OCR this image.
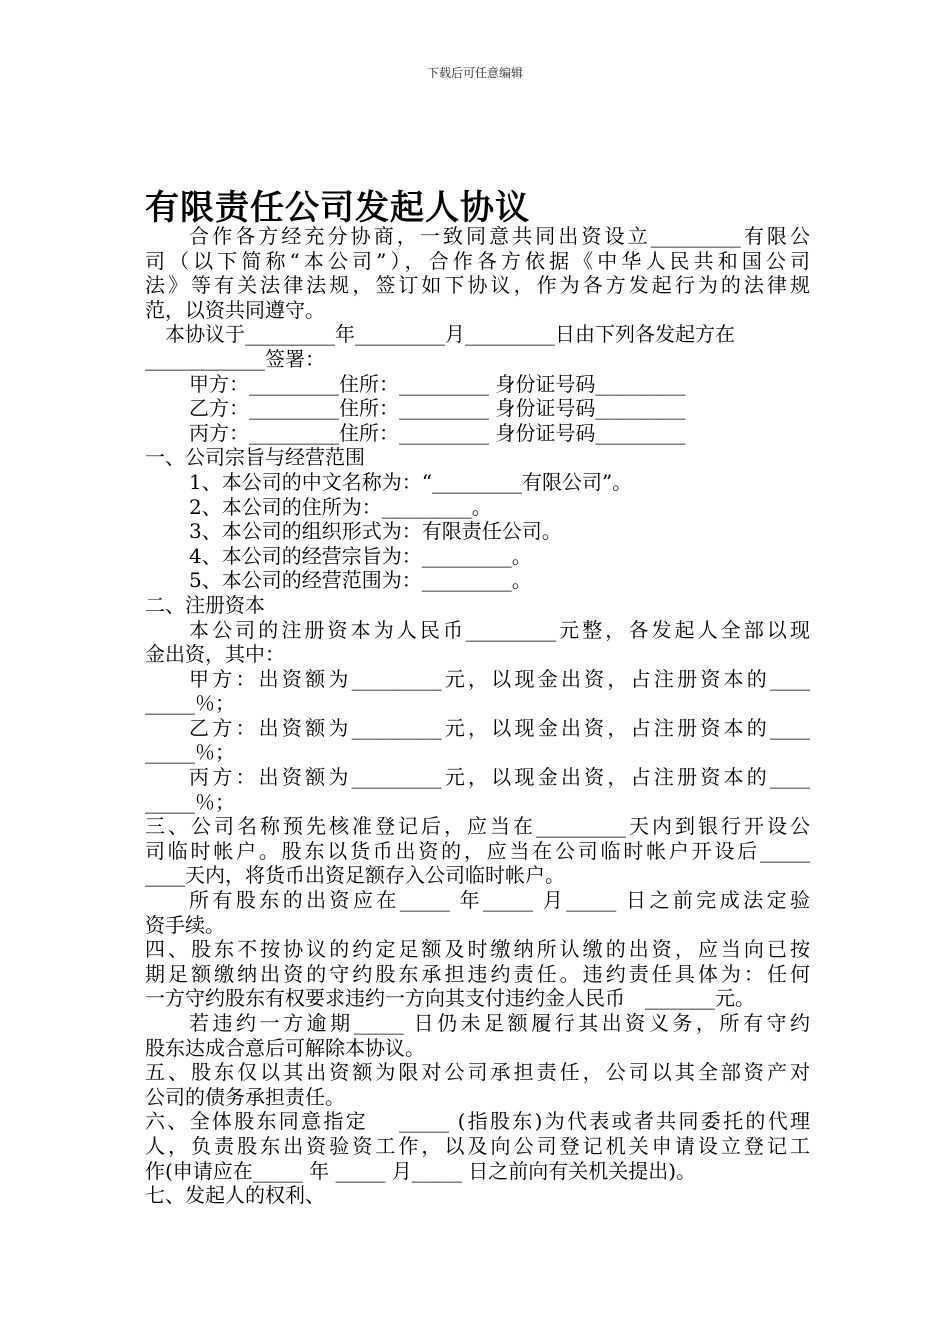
下载后可任意编辑
有限责任公司发起人协议

合作各方经充分协商，一致同意共同出资设立_________有限公

司（以下简称“本公司”），合作各方依据《中华人民共和国公司

法》等有关法律法规，签订如下协议，作为各方发起行为的法律规

范，以资共同遵守。

本协议于_________年_________月_________日由下列各发起方在

____________签署：

甲方：_________住所：_________ 身份证号码_________

乙方：_________住所：_________ 身份证号码_________

丙方：_________住所：_________ 身份证号码_________

一、公司宗旨与经营范围

1、本公司的中文名称为：“_________有限公司”。

2、本公司的住所为：_________。

3、本公司的组织形式为：有限责任公司。

4、本公司的经营宗旨为：_________。

5、本公司的经营范围为：_________。

二、注册资本

本公司的注册资本为人民币_________元整，各发起人全部以现

金出资，其中：

甲方：出资额为_________元，以现金出资，占注册资本的____

_____％；

乙方：出资额为_________元，以现金出资，占注册资本的____

_____％；

丙方：出资额为_________元，以现金出资，占注册资本的____

_____％；

三、公司名称预先核准登记后，应当在_________天内到银行开设公

司临时帐户。股东以货币出资的，应当在公司临时帐户开设后_____

____天内，将货币出资足额存入公司临时帐户。

所有股东的出资应在_____ 年_____ 月_____ 日之前完成法定验

资手续。

四、股东不按协议的约定足额及时缴纳所认缴的出资，应当向已按

期足额缴纳出资的守约股东承担违约责任。违约责任具体为：任何

一方守约股东有权要求违约一方向其支付违约金人民币　_______元。

若违约一方逾期_____ 日仍未足额履行其出资义务，所有守约

股东达成合意后可解除本协议。

五、股东仅以其出资额为限对公司承担责任，公司以其全部资产对

公司的债务承担责任。

六、全体股东同意指定　 _____ (指股东)为代表或者共同委托的代理

人，负责股东出资验资工作，以及向公司登记机关申请设立登记工

作(申请应在_____ 年 _____ 月_____ 日之前向有关机关提出)。

七、发起人的权利、
